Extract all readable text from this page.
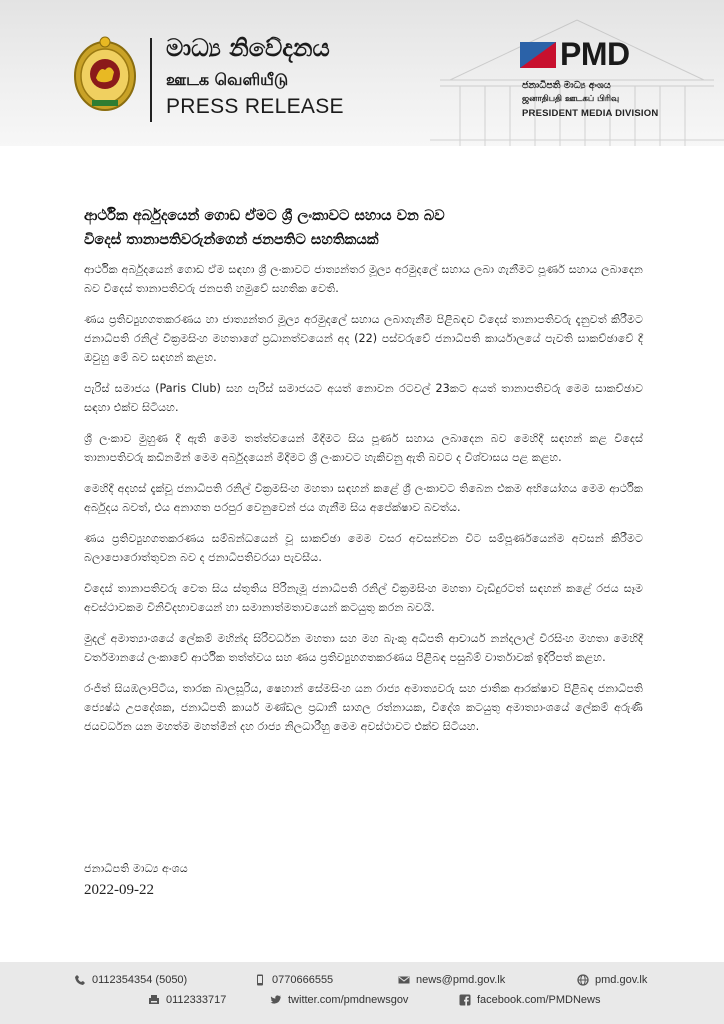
මාධ්‍ය නිවේදනය
ஊடக வெளியீடு
PRESS RELEASE
PMD
ජනාධිපති මාධ්‍ය අංශය
ஜனாதிபதி ஊடகப் பிரிவு
PRESIDENT MEDIA DIVISION
ආර්ථික අර්බුදයෙන් ගොඩ ඒමට ශ්‍රී ලංකාවට සහාය වන බව
විදෙස් තානාපතිවරුන්ගෙන් ජනපතිට සහතිකයක්

ආර්ථික අර්බුදයෙන් ගොඩ ඒම සඳහා ශ්‍රී ලංකාවට ජාත්‍යන්තර මූල්‍ය අරමුදලේ සහාය ලබා ගැනීමට පූර්ණ සහාය ලබාදෙන බව විදෙස් තානාපතිවරු ජනපති හමුවේ සහතික වෙති.

ණය ප්‍රතිව්‍යුහගතකරණය හා ජාත්‍යන්තර මූල්‍ය අරමුදලේ සහාය ලබාගැනීම පිළිබඳව විදෙස් තානාපතිවරු දැනුවත් කිරීමට ජනාධිපති රනිල් වික්‍රමසිංහ මහතාගේ ප්‍රධානත්වයෙන් අද (22) පස්වරුවේ ජනාධිපති කාර්යාලයේ පැවති සාකච්ඡාවේ දී ඔවුහු මේ බව සඳහන් කළහ.

පැරිස් සමාජය (Paris Club) සහ පැරිස් සමාජයට අයත් නොවන රටවල් 23කට අයත් තානාපතිවරු මෙම සාකච්ඡාව සඳහා එක්ව සිටියහ.

ශ්‍රී ලංකාව මුහුණ දී ඇති මෙම තත්ත්වයෙන් මිදීමට සිය පූර්ණ සහාය ලබාදෙන බව මෙහිදී සඳහන් කළ විදෙස් තානාපතිවරු කඩිනමින් මෙම අර්බුදයෙන් මිදීමට ශ්‍රී ලංකාවට හැකිවනු ඇති බවට ද විශ්වාසය පළ කළහ.

මෙහිදී අදහස් දැක්වූ ජනාධිපති රනිල් වික්‍රමසිංහ මහතා සඳහන් කළේ ශ්‍රී ලංකාවට තිබෙන එකම අභියෝගය මෙම ආර්ථික අර්බුදය බවත්, එය අනාගත පරපුර වෙනුවෙන් ජය ගැනීම සිය අපේක්ෂාව බවත්ය.

ණය ප්‍රතිව්‍යුහගතකරණය සම්බන්ධයෙන් වූ සාකච්ඡා මෙම වසර අවසන්වන විට සම්පූර්ණයෙන්ම අවසන් කිරීමට බලාපොරොත්තුවන බව ද ජනාධිපතිවරයා පැවසීය.

විදෙස් තානාපතිවරු වෙත සිය ස්තූතිය පිරිනැමූ ජනාධිපති රනිල් වික්‍රමසිංහ මහතා වැඩිදුරටත් සඳහන් කළේ රජය සෑම අවස්ථාවකම විනිවිදභාවයෙන් හා සමානාත්මතාවයෙන් කටයුතු කරන බවයි.

මුදල් අමාත්‍යාංශයේ ලේකම් මහින්ද සිරිවර්ධන මහතා සහ මහ බැංකු අධිපති ආචාර්ය නන්දලාල් වීරසිංහ මහතා මෙහිදී වර්තමානයේ ලංකාවේ ආර්ථික තත්ත්වය සහ ණය ප්‍රතිව්‍යුහගතකරණය පිළිබඳ පසුබිම් වාර්තාවක් ඉදිරිපත් කළහ.

රංජිත් සියඹලාපිටිය, තාරක බාලසූරිය, ෂෙහාන් සේමසිංහ යන රාජ්‍ය අමාත්‍යවරු සහ ජාතික ආරක්ෂාව පිළිබඳ ජනාධිපති ජ්‍යෙෂ්ඨ උපදේශක, ජනාධිපති කාර්ය මණ්ඩල ප්‍රධානී සාගල රත්නායක, විදේශ කටයුතු අමාත්‍යාංශයේ ලේකම් අරුණි ජයවර්ධන යන මහත්ම මහත්මීන් දහ රාජ්‍ය නිලධාරීහු මෙම අවස්ථාවට එක්ව සිටියහ.

ජනාධිපති මාධ්‍ය අංශය
2022-09-22
0112354354 (5050)	0770666555	news@pmd.gov.lk	pmd.gov.lk
0112333717	twitter.com/pmdnewsgov	facebook.com/PMDNews
